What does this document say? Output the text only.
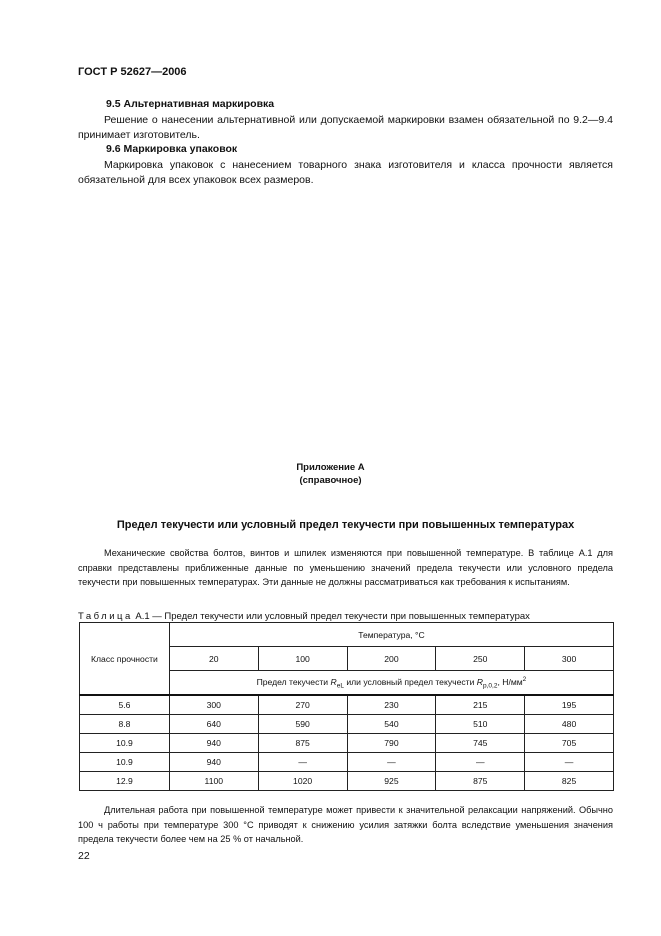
ГОСТ Р 52627—2006
9.5 Альтернативная маркировка
Решение о нанесении альтернативной или допускаемой маркировки взамен обязательной по 9.2—9.4 принимает изготовитель.
9.6 Маркировка упаковок
Маркировка упаковок с нанесением товарного знака изготовителя и класса прочности является обязательной для всех упаковок всех размеров.
Приложение А
(справочное)
Предел текучести или условный предел текучести при повышенных температурах
Механические свойства болтов, винтов и шпилек изменяются при повышенной температуре. В таблице А.1 для справки представлены приближенные данные по уменьшению значений предела текучести или условного предела текучести при повышенных температурах. Эти данные не должны рассматриваться как требования к испытаниям.
Таблица А.1 — Предел текучести или условный предел текучести при повышенных температурах
Класс прочности	Температура, °С				
	20	100	200	250	300
	Предел текучести $R_{eL}$ или условный предел текучести $R_{p,0,2}$, $Н/мм^2$
5.6	300	270	230	215	195
8.8	640	590	540	510	480
10.9	940	875	790	745	705
10.9	940	—	—	—	—
12.9	1100	1020	925	875	825
Длительная работа при повышенной температуре может привести к значительной релаксации напряжений. Обычно 100 ч работы при температуре 300 °С приводят к снижению усилия затяжки болта вследствие уменьшения значения предела текучести более чем на 25 % от начальной.
22
